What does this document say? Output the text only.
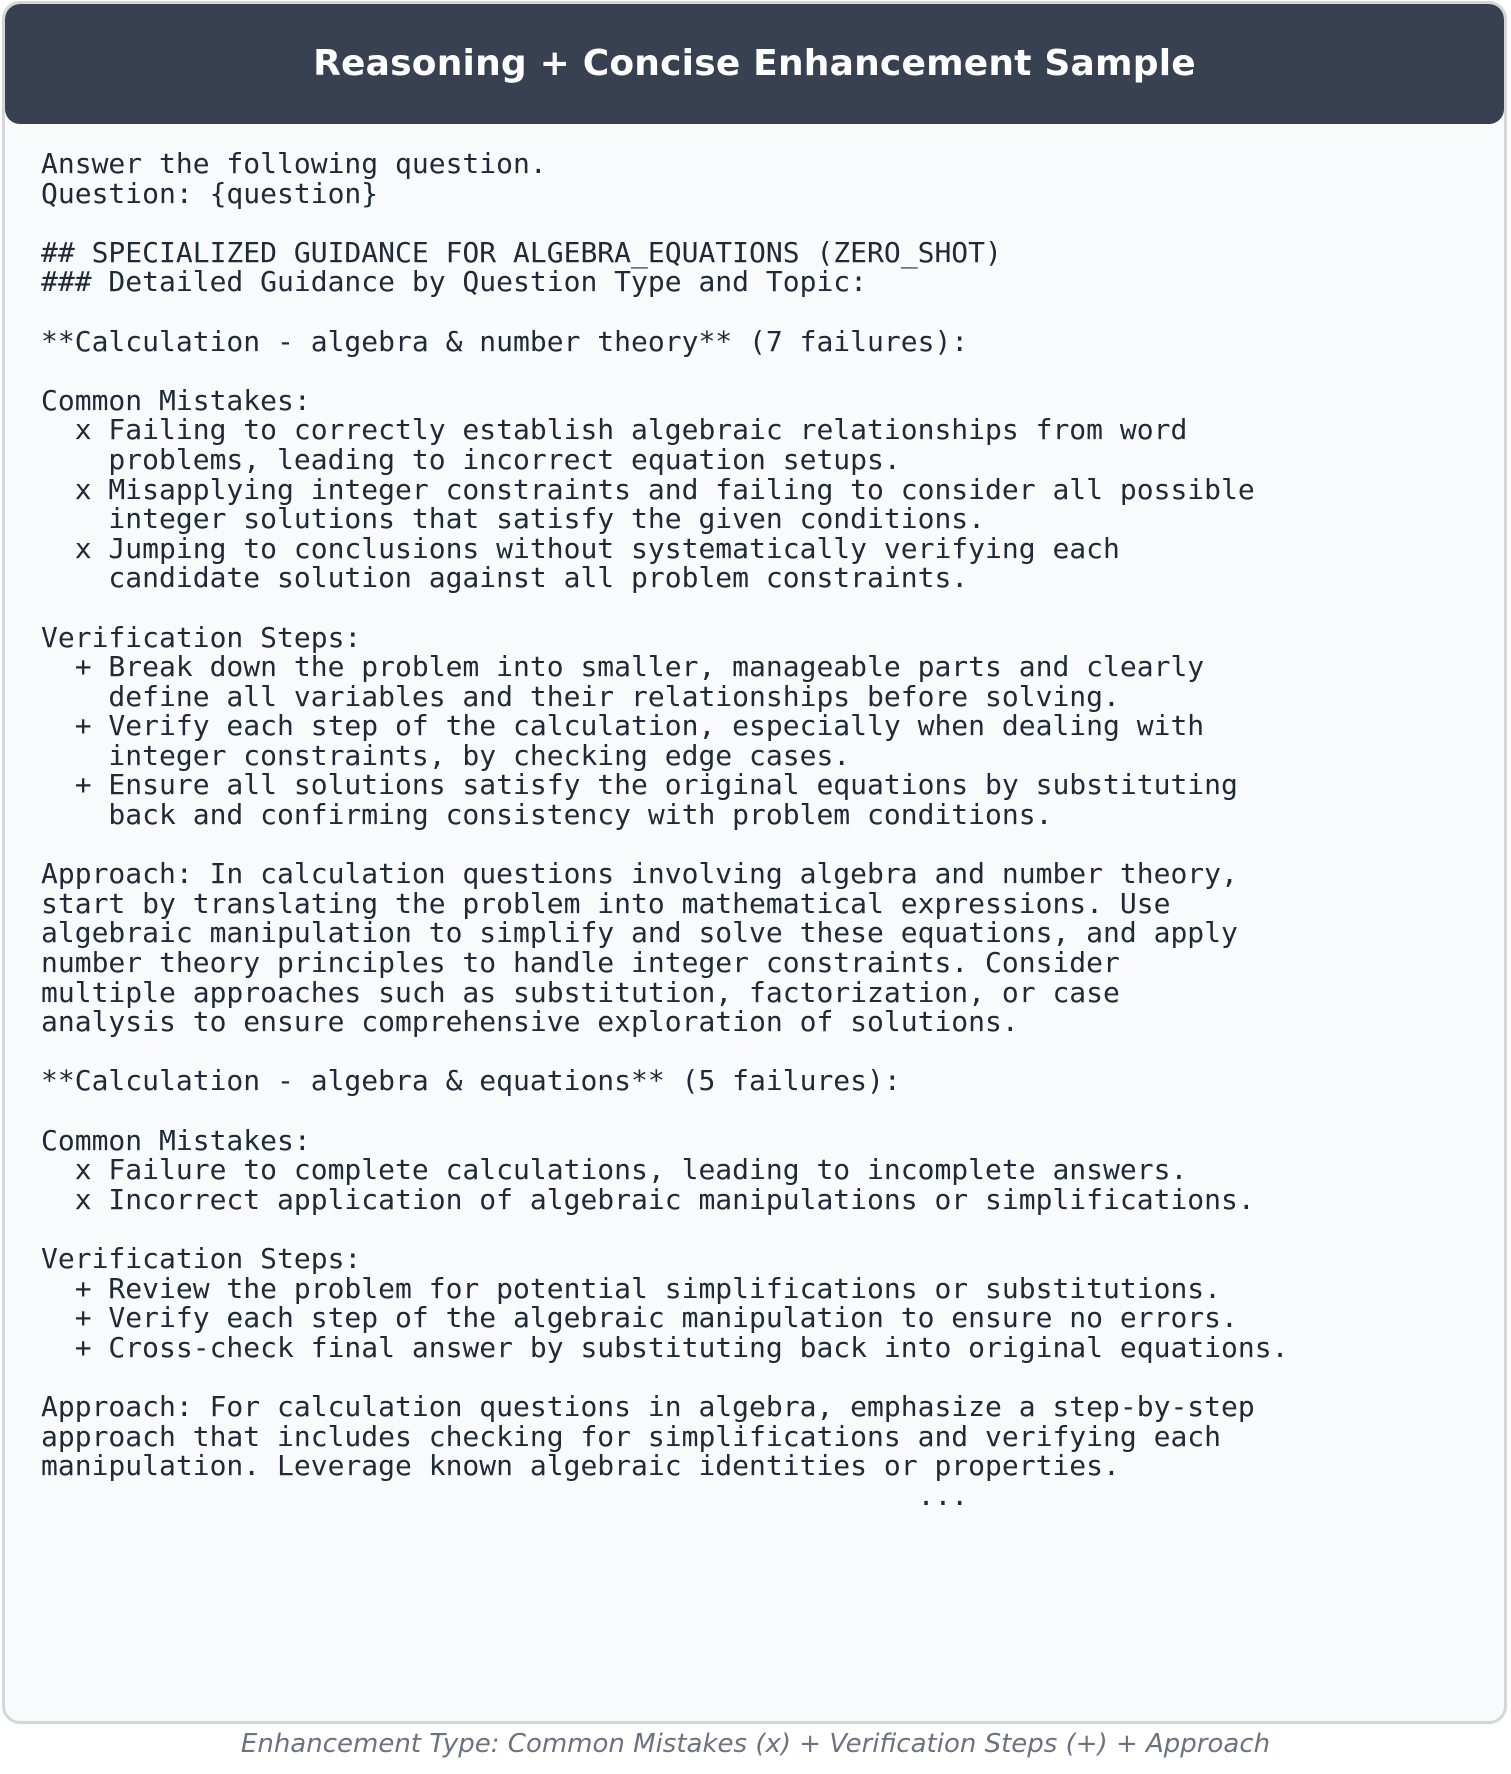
Reasoning + Concise Enhancement Sample
Answer the following question.
Question: {question}
## SPECIALIZED GUIDANCE FOR ALGEBRA_EQUATIONS (ZERO_SHOT)
### Detailed Guidance by Question Type and Topic:
**Calculation - algebra & number theory** (7 failures):
Common Mistakes:
x Failing to correctly establish algebraic relationships from word
problems, leading to incorrect equation setups.
x Misapplying integer constraints and failing to consider all possible
integer solutions that satisfy the given conditions.
x Jumping to conclusions without systematically verifying each
candidate solution against all problem constraints.
Verification Steps:
+ Break down the problem into smaller, manageable parts and clearly
define all variables and their relationships before solving.
+ Verify each step of the calculation, especially when dealing with
integer constraints, by checking edge cases.
+ Ensure all solutions satisfy the original equations by substituting
back and confirming consistency with problem conditions.
Approach: In calculation questions involving algebra and number theory,
start by translating the problem into mathematical expressions. Use
algebraic manipulation to simplify and solve these equations, and apply
number theory principles to handle integer constraints. Consider
multiple approaches such as substitution, factorization, or case
analysis to ensure comprehensive exploration of solutions.
**Calculation - algebra & equations** (5 failures):
Common Mistakes:
x Failure to complete calculations, leading to incomplete answers.
x Incorrect application of algebraic manipulations or simplifications.
Verification Steps:
+ Review the problem for potential simplifications or substitutions.
+ Verify each step of the algebraic manipulation to ensure no errors.
+ Cross-check final answer by substituting back into original equations.
Approach: For calculation questions in algebra, emphasize a step-by-step
approach that includes checking for simplifications and verifying each
manipulation. Leverage known algebraic identities or properties.
...
Enhancement Type: Common Mistakes (x) + Verification Steps (+) + Approach
